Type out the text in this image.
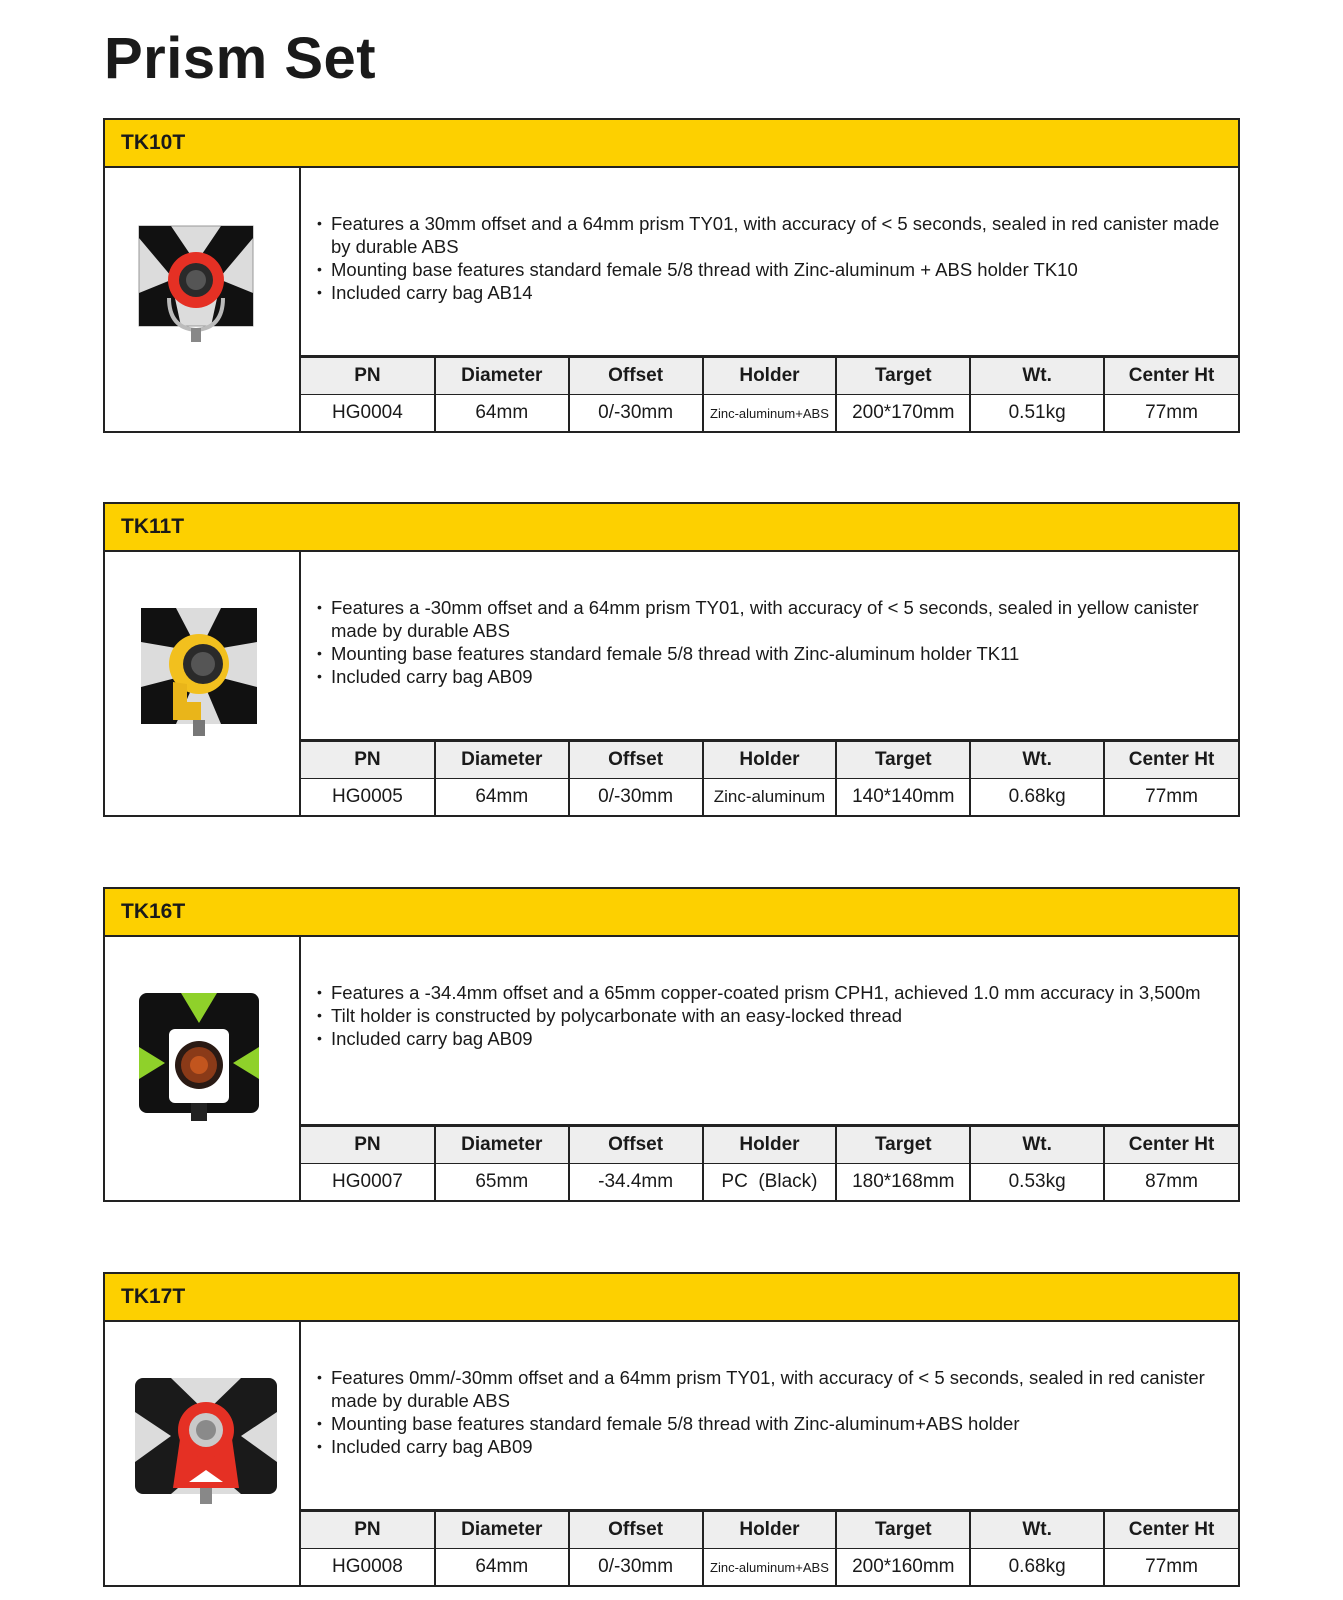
Prism Set
TK10T
• Features a 30mm offset and a 64mm prism TY01, with accuracy of < 5 seconds, sealed in red canister made by durable ABS
• Mounting base features standard female 5/8 thread with Zinc-aluminum + ABS holder TK10
• Included carry bag AB14
PN	Diameter	Offset	Holder	Target	Wt.	Center Ht
HG0004	64mm	0/-30mm	Zinc-aluminum+ABS	200*170mm	0.51kg	77mm
TK11T
• Features a -30mm offset and a 64mm prism TY01, with accuracy of < 5 seconds, sealed in yellow canister made by durable ABS
• Mounting base features standard female 5/8 thread with Zinc-aluminum holder TK11
• Included carry bag AB09
PN	Diameter	Offset	Holder	Target	Wt.	Center Ht
HG0005	64mm	0/-30mm	Zinc-aluminum	140*140mm	0.68kg	77mm
TK16T
• Features a -34.4mm offset and a 65mm copper-coated prism CPH1, achieved 1.0 mm accuracy in 3,500m
• Tilt holder is constructed by polycarbonate with an easy-locked thread
• Included carry bag AB09
PN	Diameter	Offset	Holder	Target	Wt.	Center Ht
HG0007	65mm	-34.4mm	PC  (Black)	180*168mm	0.53kg	87mm
TK17T
• Features 0mm/-30mm offset and a 64mm prism TY01, with accuracy of < 5 seconds, sealed in red canister made by durable ABS
• Mounting base features standard female 5/8 thread with Zinc-aluminum+ABS holder
• Included carry bag AB09
PN	Diameter	Offset	Holder	Target	Wt.	Center Ht
HG0008	64mm	0/-30mm	Zinc-aluminum+ABS	200*160mm	0.68kg	77mm
